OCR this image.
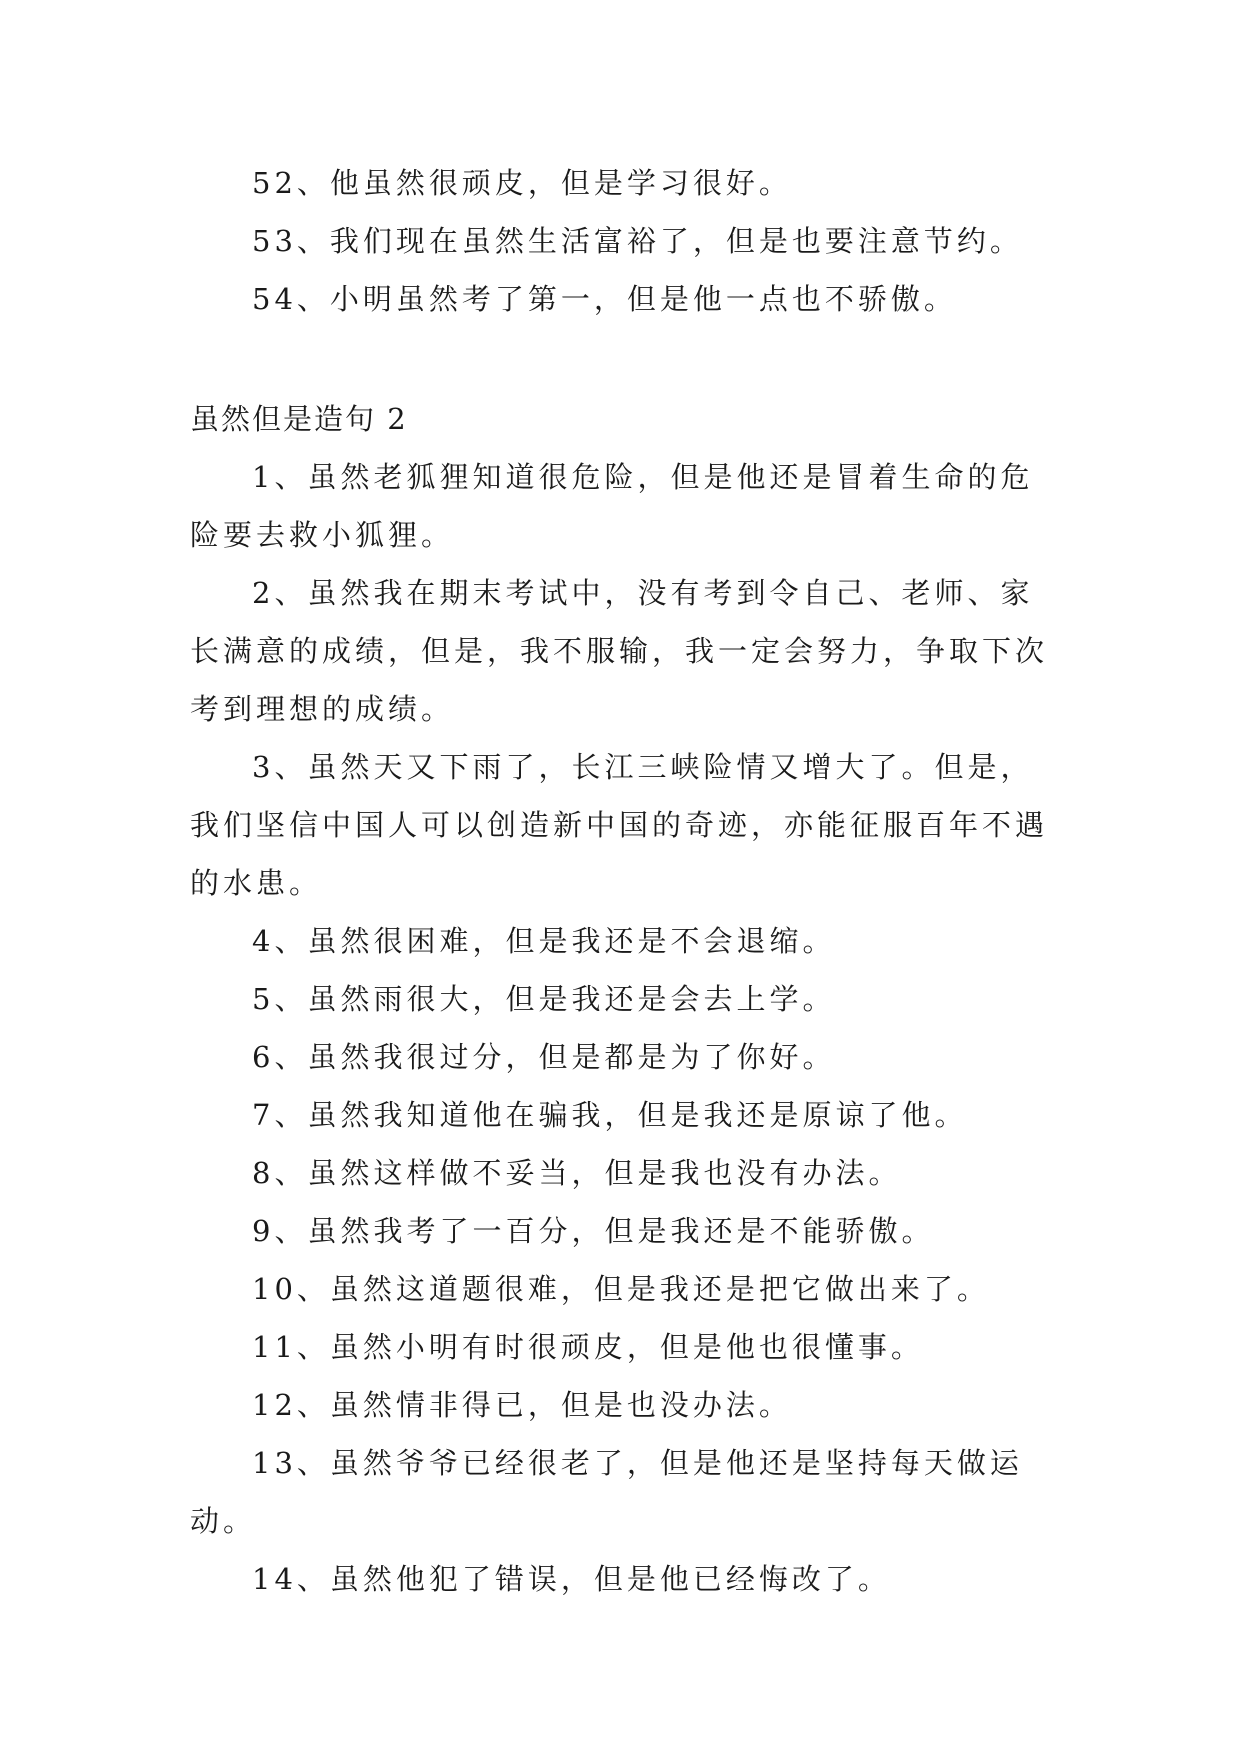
52、他虽然很顽皮，但是学习很好。

53、我们现在虽然生活富裕了，但是也要注意节约。

54、小明虽然考了第一，但是他一点也不骄傲。

虽然但是造句 2

1、虽然老狐狸知道很危险，但是他还是冒着生命的危险要去救小狐狸。

2、虽然我在期末考试中，没有考到令自己、老师、家长满意的成绩，但是，我不服输，我一定会努力，争取下次考到理想的成绩。

3、虽然天又下雨了，长江三峡险情又增大了。但是，我们坚信中国人可以创造新中国的奇迹，亦能征服百年不遇的水患。

4、虽然很困难，但是我还是不会退缩。

5、虽然雨很大，但是我还是会去上学。

6、虽然我很过分，但是都是为了你好。

7、虽然我知道他在骗我，但是我还是原谅了他。

8、虽然这样做不妥当，但是我也没有办法。

9、虽然我考了一百分，但是我还是不能骄傲。

10、虽然这道题很难，但是我还是把它做出来了。

11、虽然小明有时很顽皮，但是他也很懂事。

12、虽然情非得已，但是也没办法。

13、虽然爷爷已经很老了，但是他还是坚持每天做运动。

14、虽然他犯了错误，但是他已经悔改了。
